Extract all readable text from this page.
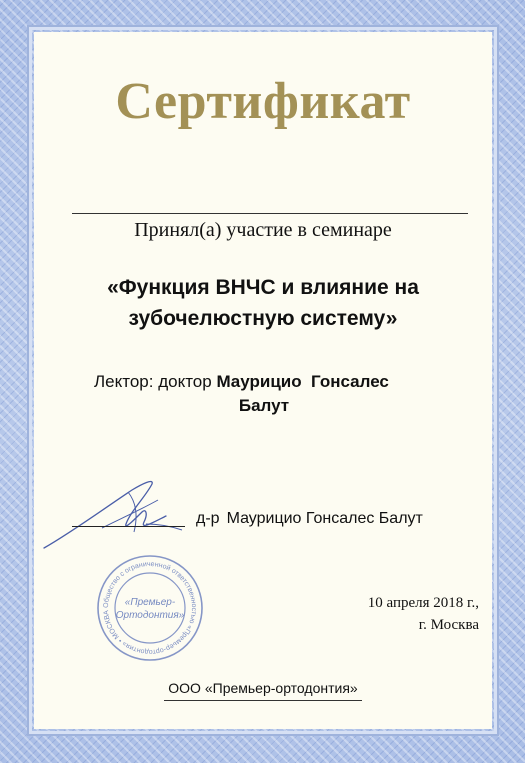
Сертификат
Принял(а) участие в семинаре
«Функция ВНЧС и влияние на
зубочелюстную систему»
Лектор: доктор Маурицио  Гонсалес
Балут
д-р Маурицио Гонсалес Балут
Общество с ограниченной ответственностью «Премьер-ортодонтия» • МОСКВА
«Премьер-
Ортодонтия»
10 апреля 2018 г.,
г. Москва
ООО «Премьер-ортодонтия»
